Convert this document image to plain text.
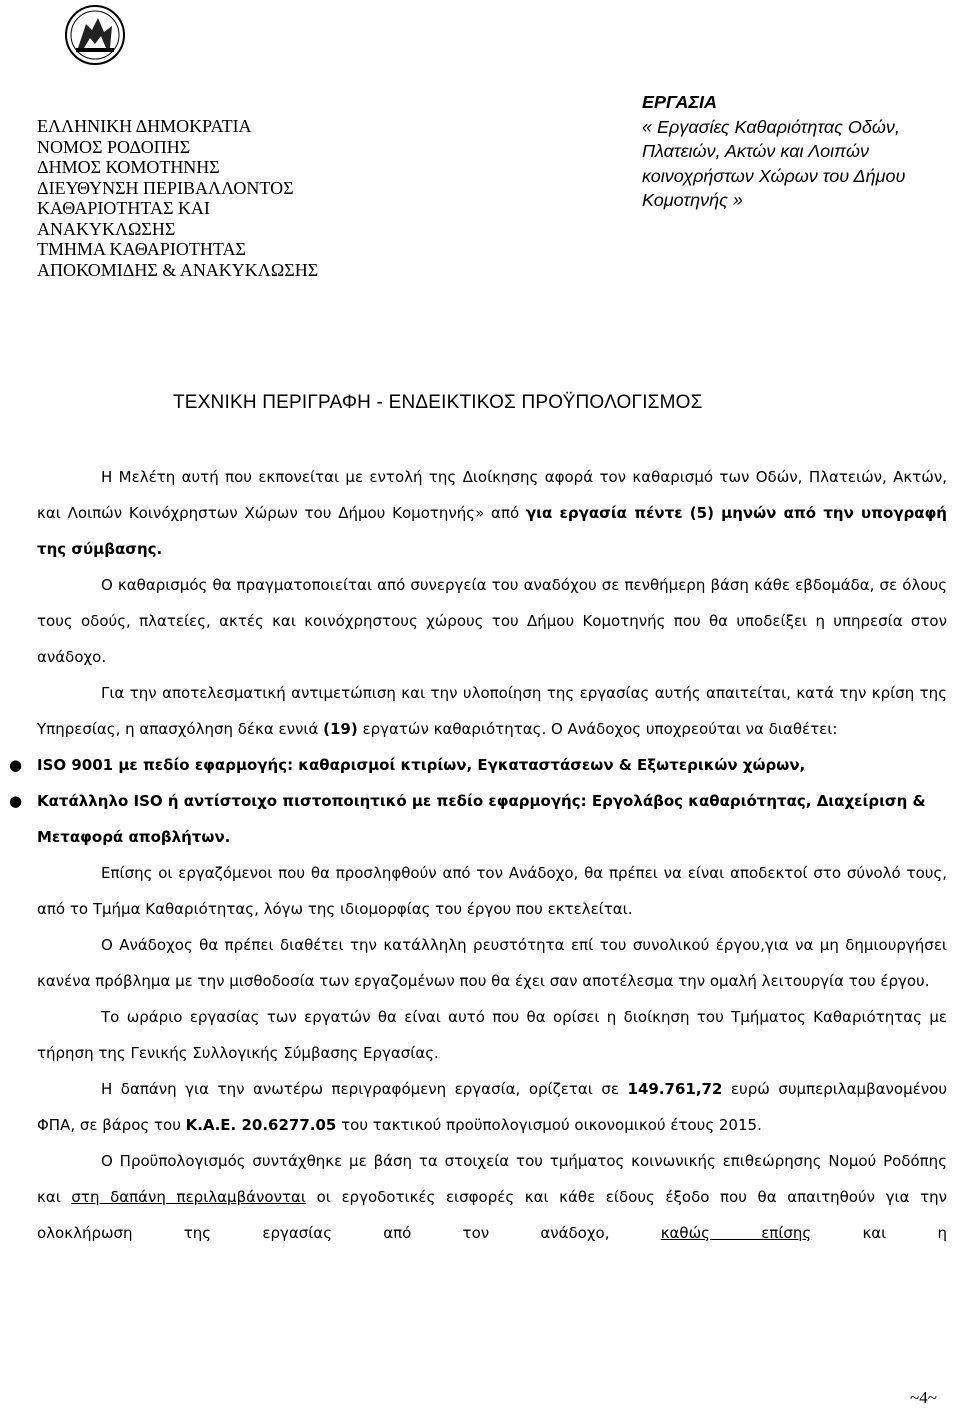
ΕΛΛΗΝΙΚΗ ΔΗΜΟΚΡΑΤΙΑ
ΝΟΜΟΣ ΡΟΔΟΠΗΣ
ΔΗΜΟΣ ΚΟΜΟΤΗΝΗΣ
ΔΙΕΥΘΥΝΣΗ ΠΕΡΙΒΑΛΛΟΝΤΟΣ
ΚΑΘΑΡΙΟΤΗΤΑΣ ΚΑΙ
ΑΝΑΚΥΚΛΩΣΗΣ
ΤΜΗΜΑ ΚΑΘΑΡΙΟΤΗΤΑΣ
ΑΠΟΚΟΜΙΔΗΣ & ΑΝΑΚΥΚΛΩΣΗΣ
ΕΡΓΑΣΙΑ
« Εργασίες Καθαριότητας Οδών,
Πλατειών, Ακτών και Λοιπών
κοινοχρήστων Χώρων του Δήμου
Κομοτηνής »
ΤΕΧΝΙΚΗ ΠΕΡΙΓΡΑΦΗ - ΕΝΔΕΙΚΤΙΚΟΣ ΠΡΟΫΠΟΛΟΓΙΣΜΟΣ

Η Μελέτη αυτή που εκπονείται με εντολή της Διοίκησης αφορά τον καθαρισμό των Οδών, Πλατειών, Ακτών, και Λοιπών Κοινόχρηστων Χώρων του Δήμου Κομοτηνής» από για εργασία πέντε (5) μηνών από την υπογραφή της σύμβασης.

Ο καθαρισμός θα πραγματοποιείται από συνεργεία του αναδόχου σε πενθήμερη βάση κάθε εβδομάδα, σε όλους τους οδούς, πλατείες, ακτές και κοινόχρηστους χώρους του Δήμου Κομοτηνής που θα υποδείξει η υπηρεσία στον ανάδοχο.

Για την αποτελεσματική αντιμετώπιση και την υλοποίηση της εργασίας αυτής απαιτείται, κατά την κρίση της Υπηρεσίας, η απασχόληση δέκα εννιά (19) εργατών καθαριότητας. Ο Ανάδοχος υποχρεούται να διαθέτει:

● ISO 9001 με πεδίο εφαρμογής: καθαρισμοί κτιρίων, Εγκαταστάσεων & Εξωτερικών χώρων,

● Κατάλληλο ISO ή αντίστοιχο πιστοποιητικό με πεδίο εφαρμογής: Εργολάβος καθαριότητας, Διαχείριση & Μεταφορά αποβλήτων.

Επίσης οι εργαζόμενοι που θα προσληφθούν από τον Ανάδοχο, θα πρέπει να είναι αποδεκτοί στο σύνολό τους, από το Τμήμα Καθαριότητας, λόγω της ιδιομορφίας του έργου που εκτελείται.

Ο Ανάδοχος θα πρέπει διαθέτει την κατάλληλη ρευστότητα επί του συνολικού έργου,για να μη δημιουργήσει κανένα πρόβλημα με την μισθοδοσία των εργαζομένων που θα έχει σαν αποτέλεσμα την ομαλή λειτουργία του έργου.

Το ωράριο εργασίας των εργατών θα είναι αυτό που θα ορίσει η διοίκηση του Τμήματος Καθαριότητας με τήρηση της Γενικής Συλλογικής Σύμβασης Εργασίας.

Η δαπάνη για την ανωτέρω περιγραφόμενη εργασία, ορίζεται σε 149.761,72 ευρώ συμπεριλαμβανομένου ΦΠΑ, σε βάρος του Κ.Α.Ε. 20.6277.05 του τακτικού προϋπολογισμού οικονομικού έτους 2015.

Ο Προϋπολογισμός συντάχθηκε με βάση τα στοιχεία του τμήματος κοινωνικής επιθεώρησης Νομού Ροδόπης και στη δαπάνη περιλαμβάνονται οι εργοδοτικές εισφορές και κάθε είδους έξοδο που θα απαιτηθούν για την ολοκλήρωση της εργασίας από τον ανάδοχο, καθώς επίσης και η

~4~
